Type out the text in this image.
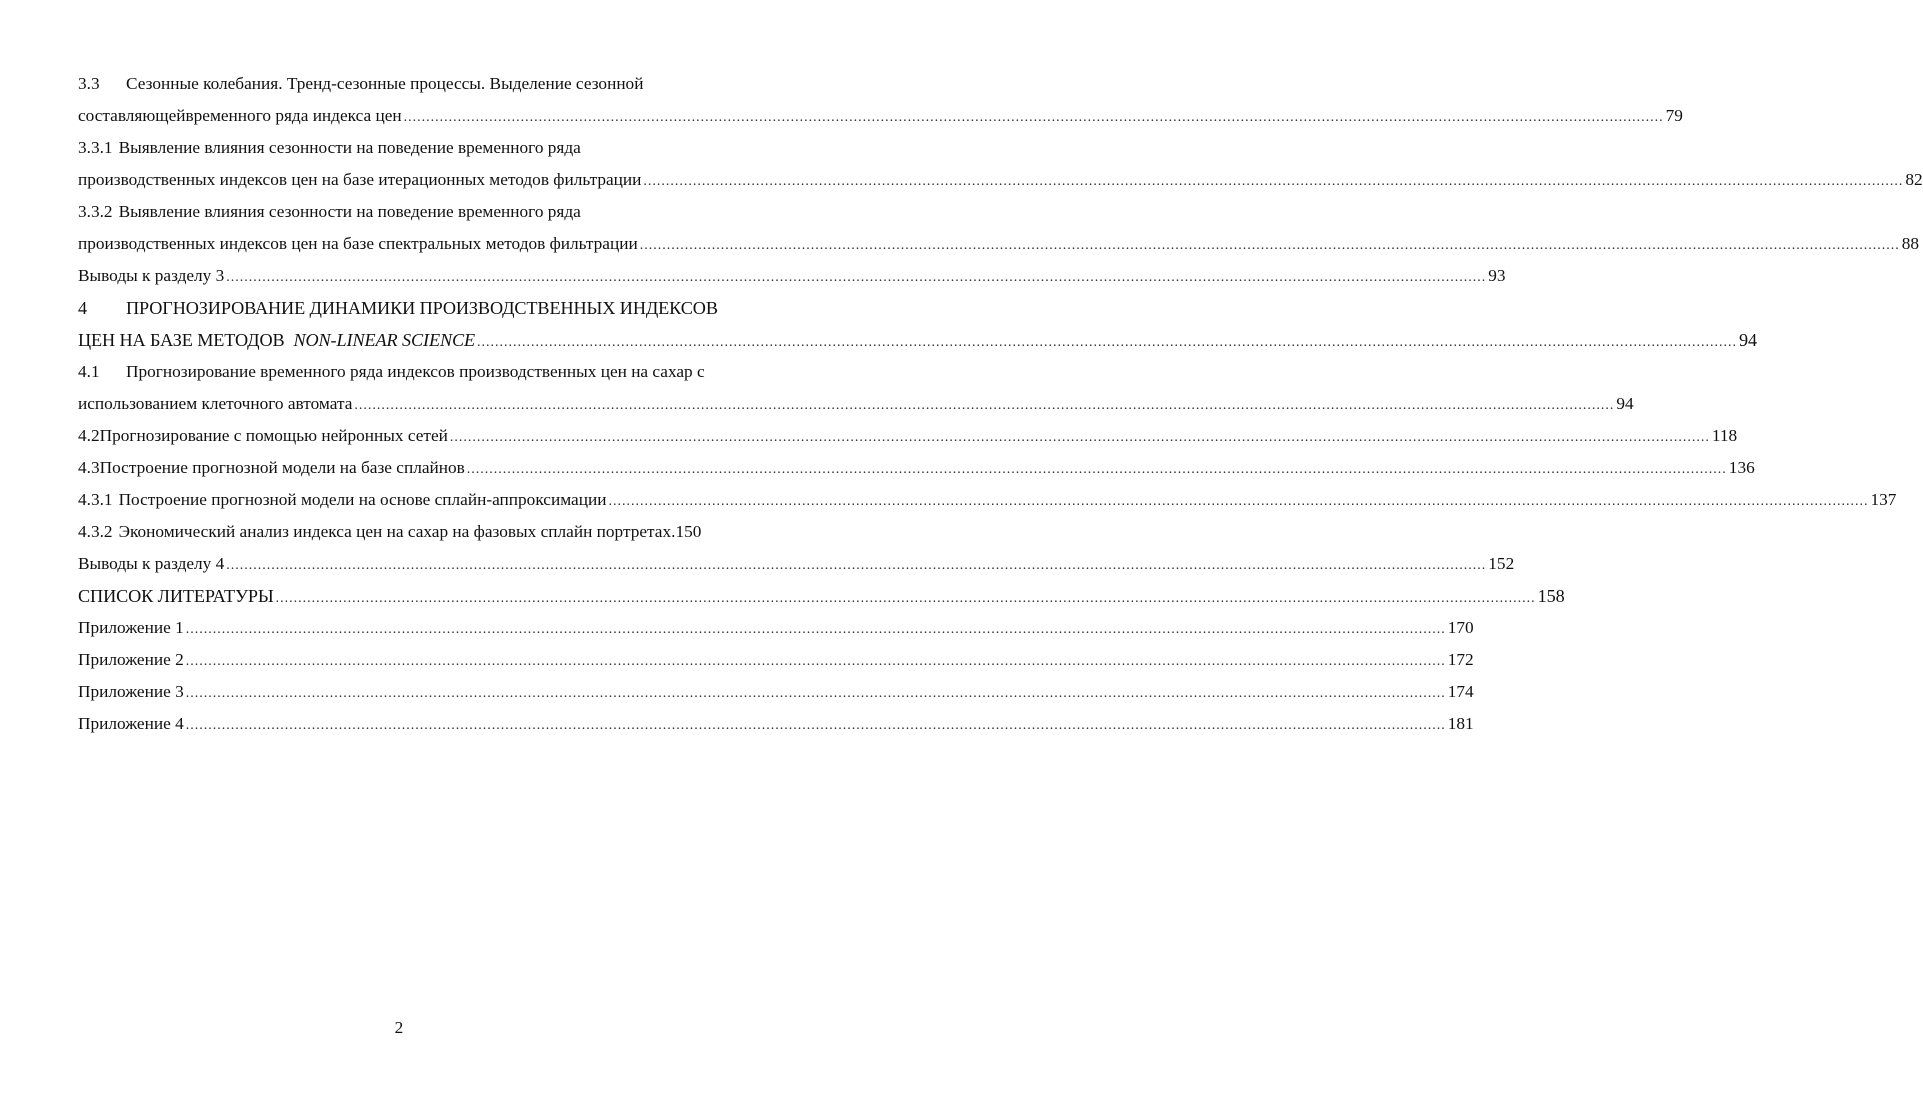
3.3 Сезонные колебания. Тренд-сезонные процессы. Выделение сезонной
составляющейвременного ряда индекса цен .....	79
3.3.1 Выявление влияния сезонности на поведение временного ряда
производственных индексов цен на базе итерационных методов фильтрации .....	82
3.3.2 Выявление влияния сезонности на поведение временного ряда
производственных индексов цен на базе спектральных методов фильтрации .....	88
Выводы к разделу 3 .....	93
4 ПРОГНОЗИРОВАНИЕ ДИНАМИКИ ПРОИЗВОДСТВЕННЫХ ИНДЕКСОВ
ЦЕН НА БАЗЕ МЕТОДОВ NON-LINEAR SCIENCE .....	94
4.1 Прогнозирование временного ряда индексов производственных цен на сахар с
использованием клеточного автомата .....	94
4.2 Прогнозирование с помощью нейронных сетей .....	118
4.3 Построение прогнозной модели на базе сплайнов .....	136
4.3.1 Построение прогнозной модели на основе сплайн-аппроксимации .....	137
4.3.2 Экономический анализ индекса цен на сахар на фазовых сплайн портретах. 150
Выводы к разделу 4 .....	152
СПИСОК ЛИТЕРАТУРЫ .....	158
Приложение 1 .....	170
Приложение 2 .....	172
Приложение 3 .....	174
Приложение 4 .....	181
2
